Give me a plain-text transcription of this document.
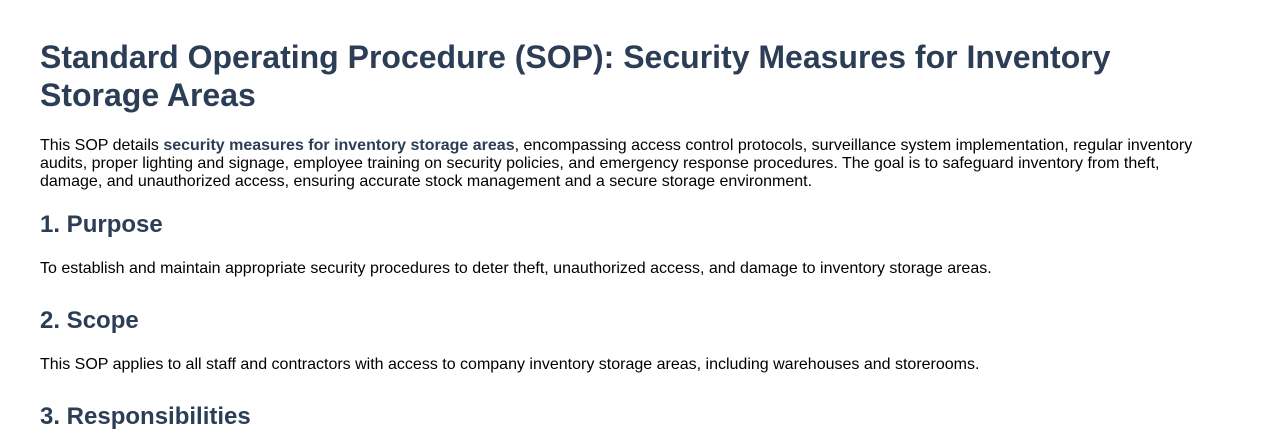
Standard Operating Procedure (SOP): Security Measures for Inventory Storage Areas

This SOP details security measures for inventory storage areas, encompassing access control protocols, surveillance system implementation, regular inventory audits, proper lighting and signage, employee training on security policies, and emergency response procedures. The goal is to safeguard inventory from theft, damage, and unauthorized access, ensuring accurate stock management and a secure storage environment.

1. Purpose

To establish and maintain appropriate security procedures to deter theft, unauthorized access, and damage to inventory storage areas.

2. Scope

This SOP applies to all staff and contractors with access to company inventory storage areas, including warehouses and storerooms.

3. Responsibilities
